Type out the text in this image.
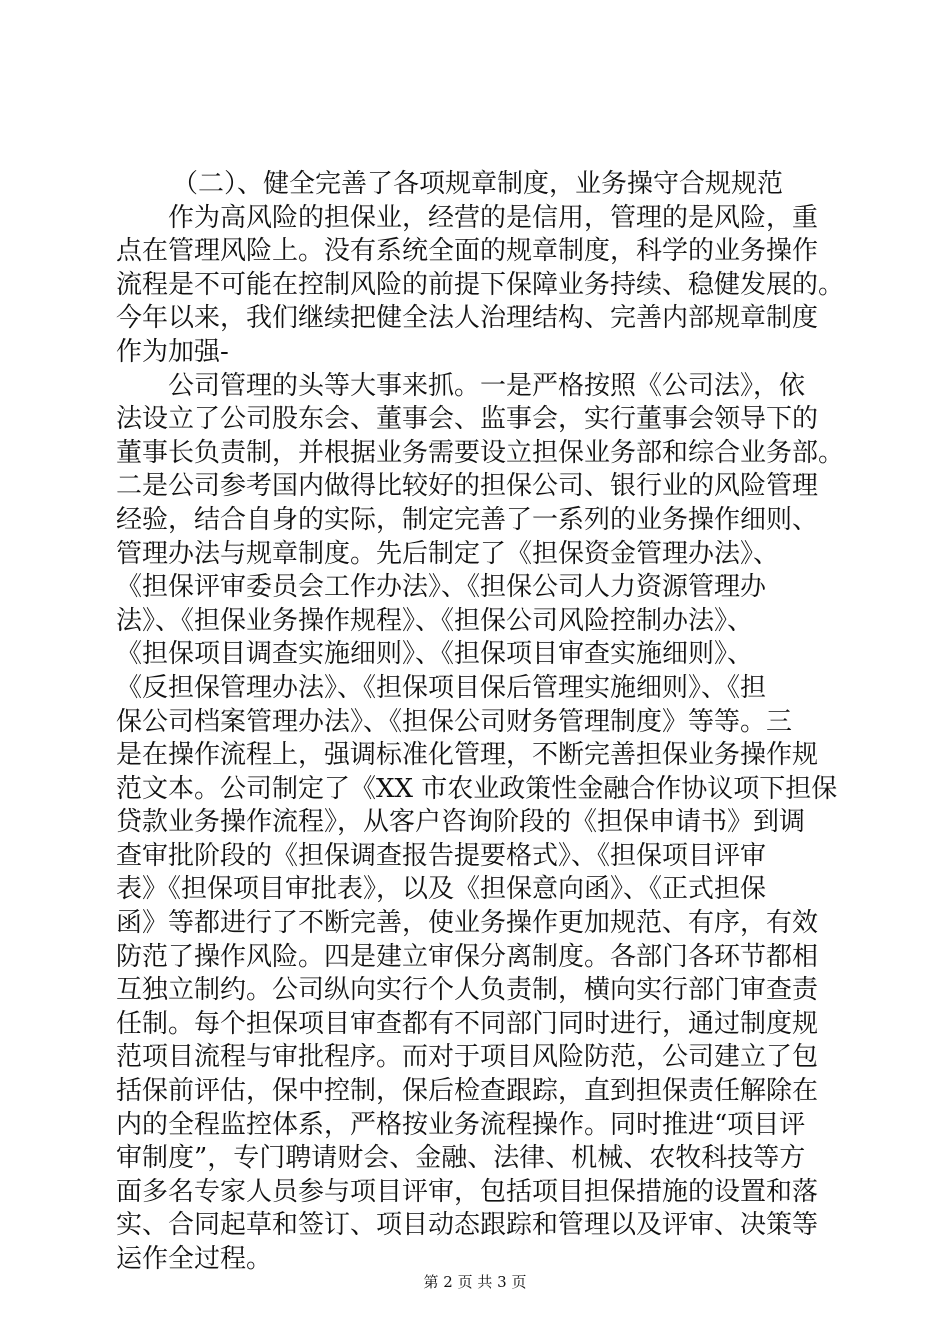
（二）、健全完善了各项规章制度，业务操守合规规范
作为高风险的担保业，经营的是信用，管理的是风险，重
点在管理风险上。没有系统全面的规章制度，科学的业务操作
流程是不可能在控制风险的前提下保障业务持续、稳健发展的。
今年以来，我们继续把健全法人治理结构、完善内部规章制度
作为加强-
公司管理的头等大事来抓。一是严格按照《公司法》，依
法设立了公司股东会、董事会、监事会，实行董事会领导下的
董事长负责制，并根据业务需要设立担保业务部和综合业务部。
二是公司参考国内做得比较好的担保公司、银行业的风险管理
经验，结合自身的实际，制定完善了一系列的业务操作细则、
管理办法与规章制度。先后制定了《担保资金管理办法》、
《担保评审委员会工作办法》、《担保公司人力资源管理办
法》、《担保业务操作规程》、《担保公司风险控制办法》、
《担保项目调查实施细则》、《担保项目审查实施细则》、
《反担保管理办法》、《担保项目保后管理实施细则》、《担
保公司档案管理办法》、《担保公司财务管理制度》等等。三
是在操作流程上，强调标准化管理，不断完善担保业务操作规
范文本。公司制定了《XX 市农业政策性金融合作协议项下担保
贷款业务操作流程》，从客户咨询阶段的《担保申请书》到调
查审批阶段的《担保调查报告提要格式》、《担保项目评审
表》《担保项目审批表》，以及《担保意向函》、《正式担保
函》等都进行了不断完善，使业务操作更加规范、有序，有效
防范了操作风险。四是建立审保分离制度。各部门各环节都相
互独立制约。公司纵向实行个人负责制，横向实行部门审查责
任制。每个担保项目审查都有不同部门同时进行，通过制度规
范项目流程与审批程序。而对于项目风险防范，公司建立了包
括保前评估，保中控制，保后检查跟踪，直到担保责任解除在
内的全程监控体系，严格按业务流程操作。同时推进“项目评
审制度”，专门聘请财会、金融、法律、机械、农牧科技等方
面多名专家人员参与项目评审，包括项目担保措施的设置和落
实、合同起草和签订、项目动态跟踪和管理以及评审、决策等
运作全过程。
第 2 页 共 3 页
